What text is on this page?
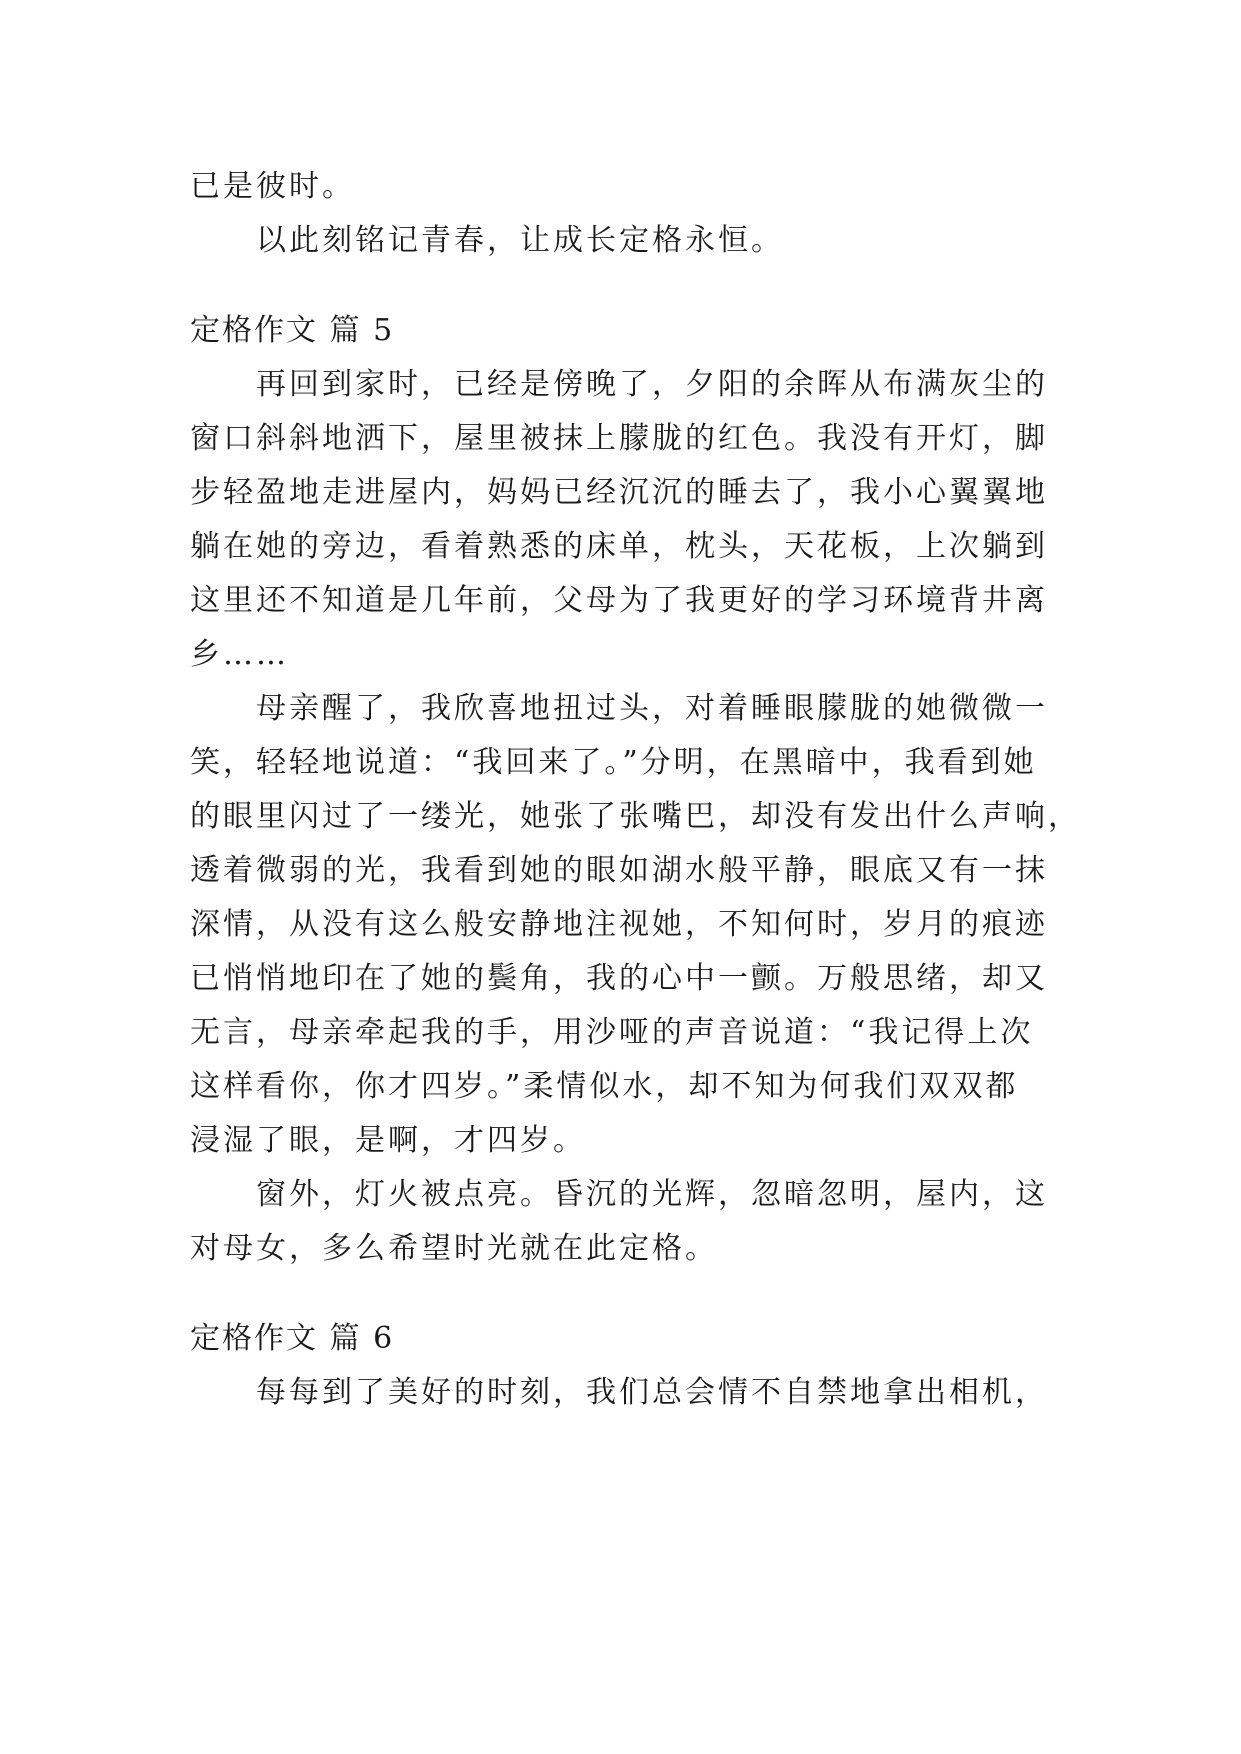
已是彼时。
以此刻铭记青春，让成长定格永恒。
定格作文 篇 5
再回到家时，已经是傍晚了，夕阳的余晖从布满灰尘的
窗口斜斜地洒下，屋里被抹上朦胧的红色。我没有开灯，脚
步轻盈地走进屋内，妈妈已经沉沉的睡去了，我小心翼翼地
躺在她的旁边，看着熟悉的床单，枕头，天花板，上次躺到
这里还不知道是几年前，父母为了我更好的学习环境背井离
乡……
母亲醒了，我欣喜地扭过头，对着睡眼朦胧的她微微一
笑，轻轻地说道：“我回来了。”分明，在黑暗中，我看到她
的眼里闪过了一缕光，她张了张嘴巴，却没有发出什么声响，
透着微弱的光，我看到她的眼如湖水般平静，眼底又有一抹
深情，从没有这么般安静地注视她，不知何时，岁月的痕迹
已悄悄地印在了她的鬓角，我的心中一颤。万般思绪，却又
无言，母亲牵起我的手，用沙哑的声音说道：“我记得上次
这样看你，你才四岁。”柔情似水，却不知为何我们双双都
浸湿了眼，是啊，才四岁。
窗外，灯火被点亮。昏沉的光辉，忽暗忽明，屋内，这
对母女，多么希望时光就在此定格。
定格作文 篇 6
每每到了美好的时刻，我们总会情不自禁地拿出相机，
